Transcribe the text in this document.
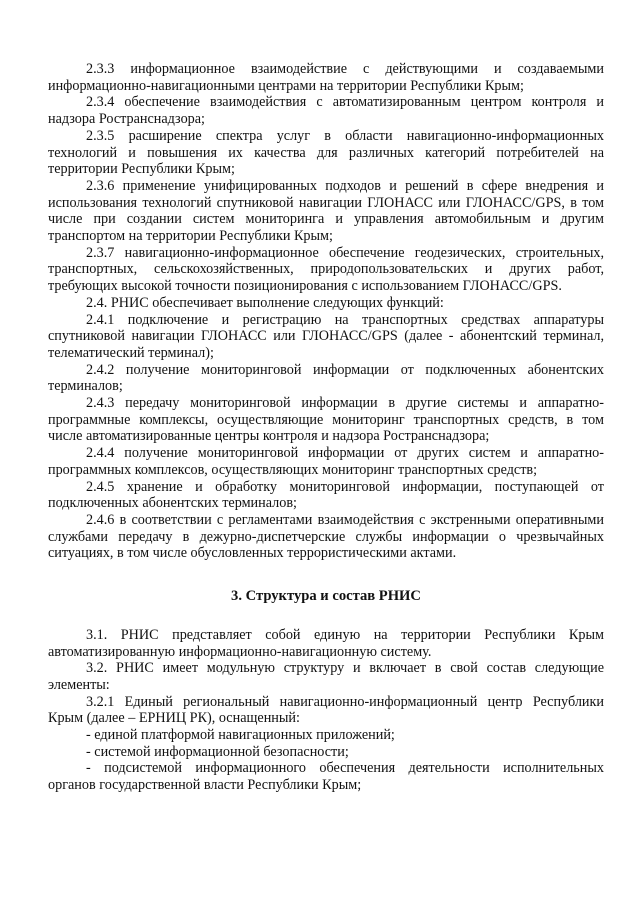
2.3.3 информационное взаимодействие с действующими и создаваемыми информационно-навигационными центрами на территории Республики Крым;

2.3.4 обеспечение взаимодействия с автоматизированным центром контроля и надзора Ространснадзора;

2.3.5 расширение спектра услуг в области навигационно-информационных технологий и повышения их качества для различных категорий потребителей на территории Республики Крым;

2.3.6 применение унифицированных подходов и решений в сфере внедрения и использования технологий спутниковой навигации ГЛОНАСС или ГЛОНАСС/GPS, в том числе при создании систем мониторинга и управления автомобильным и другим транспортом на территории Республики Крым;

2.3.7 навигационно-информационное обеспечение геодезических, строительных, транспортных, сельскохозяйственных, природопользовательских и других работ, требующих высокой точности позиционирования с использованием ГЛОНАСС/GPS.

2.4. РНИС обеспечивает выполнение следующих функций:

2.4.1 подключение и регистрацию на транспортных средствах аппаратуры спутниковой навигации ГЛОНАСС или ГЛОНАСС/GPS (далее - абонентский терминал, телематический терминал);

2.4.2 получение мониторинговой информации от подключенных абонентских терминалов;

2.4.3 передачу мониторинговой информации в другие системы и аппаратно-программные комплексы, осуществляющие мониторинг транспортных средств, в том числе автоматизированные центры контроля и надзора Ространснадзора;

2.4.4 получение мониторинговой информации от других систем и аппаратно-программных комплексов, осуществляющих мониторинг транспортных средств;

2.4.5 хранение и обработку мониторинговой информации, поступающей от подключенных абонентских терминалов;

2.4.6 в соответствии с регламентами взаимодействия с экстренными оперативными службами передачу в дежурно-диспетчерские службы информации о чрезвычайных ситуациях, в том числе обусловленных террористическими актами.

3. Структура и состав РНИС

3.1. РНИС представляет собой единую на территории Республики Крым автоматизированную информационно-навигационную систему.

3.2. РНИС имеет модульную структуру и включает в свой состав следующие элементы:

3.2.1 Единый региональный навигационно-информационный центр Республики Крым (далее – ЕРНИЦ РК), оснащенный:

- единой платформой навигационных приложений;

- системой информационной безопасности;

- подсистемой информационного обеспечения деятельности исполнительных органов государственной власти Республики Крым;
